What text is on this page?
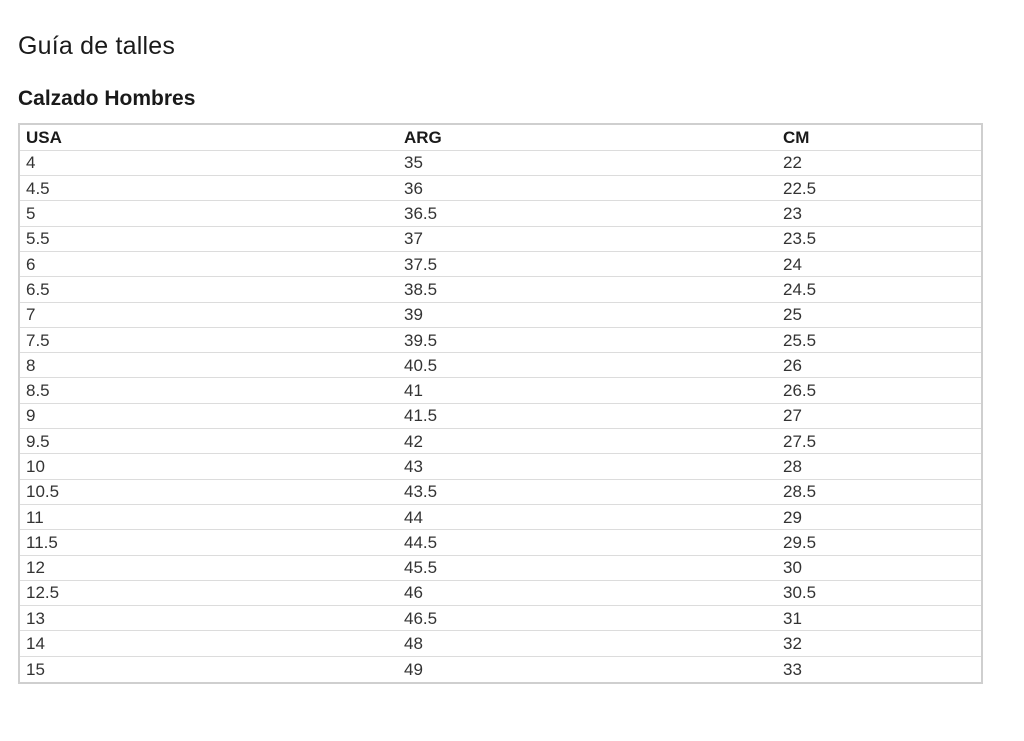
Guía de talles
Calzado Hombres
USA	ARG	CM
4	35	22
4.5	36	22.5
5	36.5	23
5.5	37	23.5
6	37.5	24
6.5	38.5	24.5
7	39	25
7.5	39.5	25.5
8	40.5	26
8.5	41	26.5
9	41.5	27
9.5	42	27.5
10	43	28
10.5	43.5	28.5
11	44	29
11.5	44.5	29.5
12	45.5	30
12.5	46	30.5
13	46.5	31
14	48	32
15	49	33
